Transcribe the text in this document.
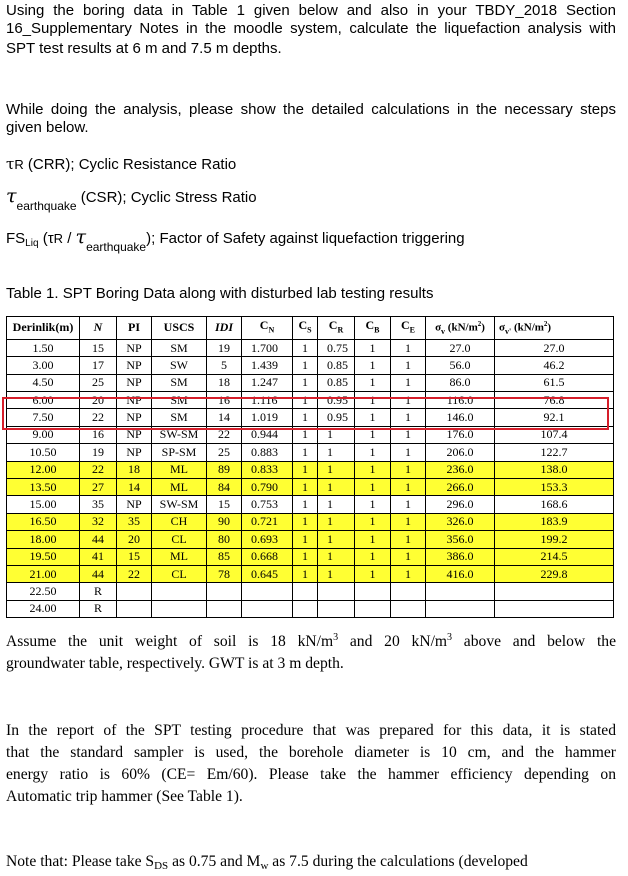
Using the boring data in Table 1 given below and also in your TBDY_2018 Section
16_Supplementary Notes in the moodle system, calculate the liquefaction analysis with
SPT test results at 6 m and 7.5 m depths.
While doing the analysis, please show the detailed calculations in the necessary steps
given below.
τR (CRR); Cyclic Resistance Ratio
$\tau_{earthquake}$ (CSR); Cyclic Stress Ratio
$FS_{Liq}$ $(\tau R / \tau_{earthquake})$; Factor of Safety against liquefaction triggering
Table 1. SPT Boring Data along with disturbed lab testing results
Derinlik(m)	N	PI	USCS	IDI	$C_N$	$C_S$	$C_R$	$C_B$	$C_E$	$\sigma_v$ $(kN/m^2)$	$\sigma_{v'}$ $(kN/m^2)$
1.50	15	NP	SM	19	1.700	1	0.75	1	1	27.0	27.0
3.00	17	NP	SW	5	1.439	1	0.85	1	1	56.0	46.2
4.50	25	NP	SM	18	1.247	1	0.85	1	1	86.0	61.5
6.00	20	NP	SM	16	1.116	1	0.95	1	1	116.0	76.8
7.50	22	NP	SM	14	1.019	1	0.95	1	1	146.0	92.1
9.00	16	NP	SW-SM	22	0.944	1	1	1	1	176.0	107.4
10.50	19	NP	SP-SM	25	0.883	1	1	1	1	206.0	122.7
12.00	22	18	ML	89	0.833	1	1	1	1	236.0	138.0
13.50	27	14	ML	84	0.790	1	1	1	1	266.0	153.3
15.00	35	NP	SW-SM	15	0.753	1	1	1	1	296.0	168.6
16.50	32	35	CH	90	0.721	1	1	1	1	326.0	183.9
18.00	44	20	CL	80	0.693	1	1	1	1	356.0	199.2
19.50	41	15	ML	85	0.668	1	1	1	1	386.0	214.5
21.00	44	22	CL	78	0.645	1	1	1	1	416.0	229.8
22.50	R										
24.00	R										
Assume the unit weight of soil is 18 $kN/m^3$ and 20 $kN/m^3$ above and below the
groundwater table, respectively. GWT is at 3 m depth.
In the report of the SPT testing procedure that was prepared for this data, it is stated
that the standard sampler is used, the borehole diameter is 10 cm, and the hammer
energy ratio is 60% (CE= Em/60). Please take the hammer efficiency depending on
Automatic trip hammer (See Table 1).
Note that: Please take SDS as 0.75 and Mw as 7.5 during the calculations (developed
